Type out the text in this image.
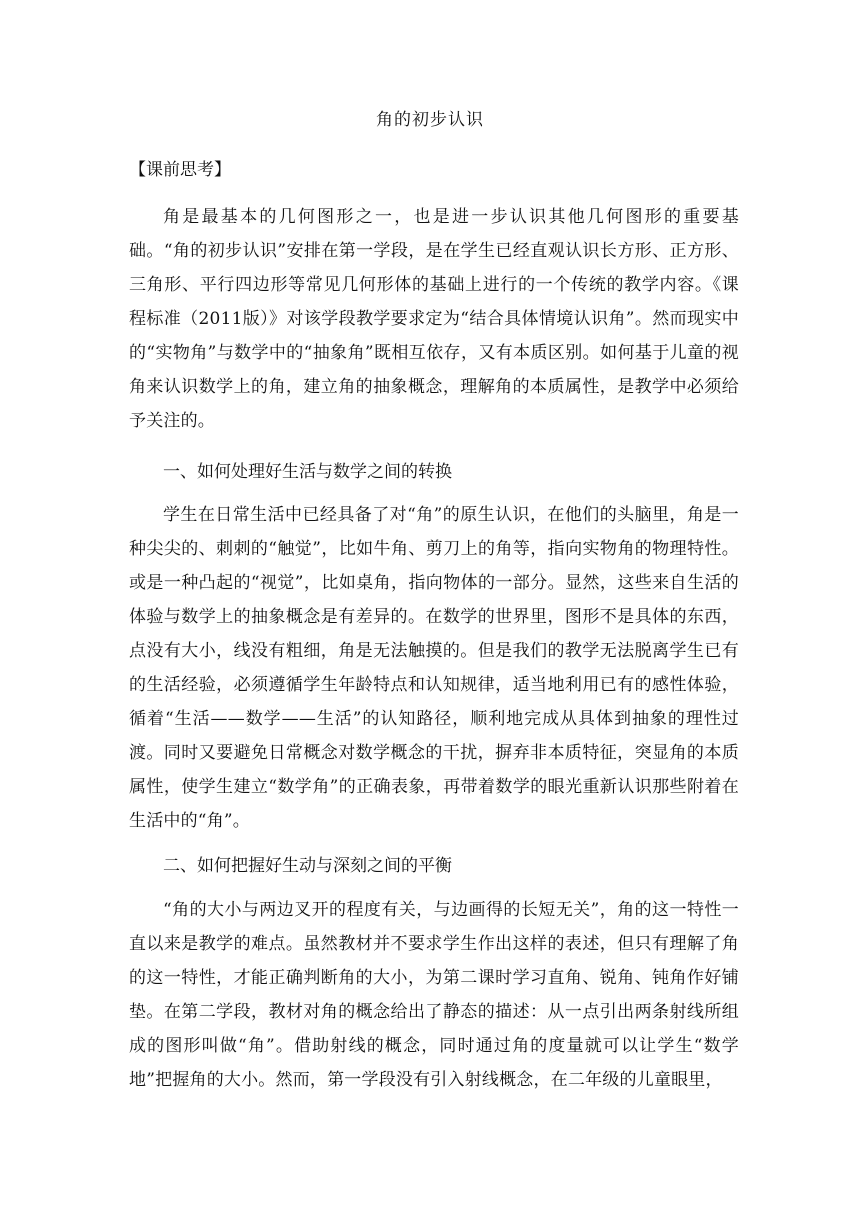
角的初步认识
【课前思考】

角是最基本的几何图形之一，也是进一步认识其他几何图形的重要基础。“角的初步认识”安排在第一学段，是在学生已经直观认识长方形、正方形、三角形、平行四边形等常见几何形体的基础上进行的一个传统的教学内容。《课程标准（2011版）》对该学段教学要求定为“结合具体情境认识角”。然而现实中的“实物角”与数学中的“抽象角”既相互依存，又有本质区别。如何基于儿童的视角来认识数学上的角，建立角的抽象概念，理解角的本质属性，是教学中必须给予关注的。

一、如何处理好生活与数学之间的转换

学生在日常生活中已经具备了对“角”的原生认识，在他们的头脑里，角是一种尖尖的、刺刺的“触觉”，比如牛角、剪刀上的角等，指向实物角的物理特性。或是一种凸起的“视觉”，比如桌角，指向物体的一部分。显然，这些来自生活的体验与数学上的抽象概念是有差异的。在数学的世界里，图形不是具体的东西，点没有大小，线没有粗细，角是无法触摸的。但是我们的教学无法脱离学生已有的生活经验，必须遵循学生年龄特点和认知规律，适当地利用已有的感性体验，循着“生活——数学——生活”的认知路径，顺利地完成从具体到抽象的理性过渡。同时又要避免日常概念对数学概念的干扰，摒弃非本质特征，突显角的本质属性，使学生建立“数学角”的正确表象，再带着数学的眼光重新认识那些附着在生活中的“角”。

二、如何把握好生动与深刻之间的平衡

“角的大小与两边叉开的程度有关，与边画得的长短无关”，角的这一特性一直以来是教学的难点。虽然教材并不要求学生作出这样的表述，但只有理解了角的这一特性，才能正确判断角的大小，为第二课时学习直角、锐角、钝角作好铺垫。在第二学段，教材对角的概念给出了静态的描述：从一点引出两条射线所组成的图形叫做“角”。借助射线的概念，同时通过角的度量就可以让学生“数学地”把握角的大小。然而，第一学段没有引入射线概念，在二年级的儿童眼里，
